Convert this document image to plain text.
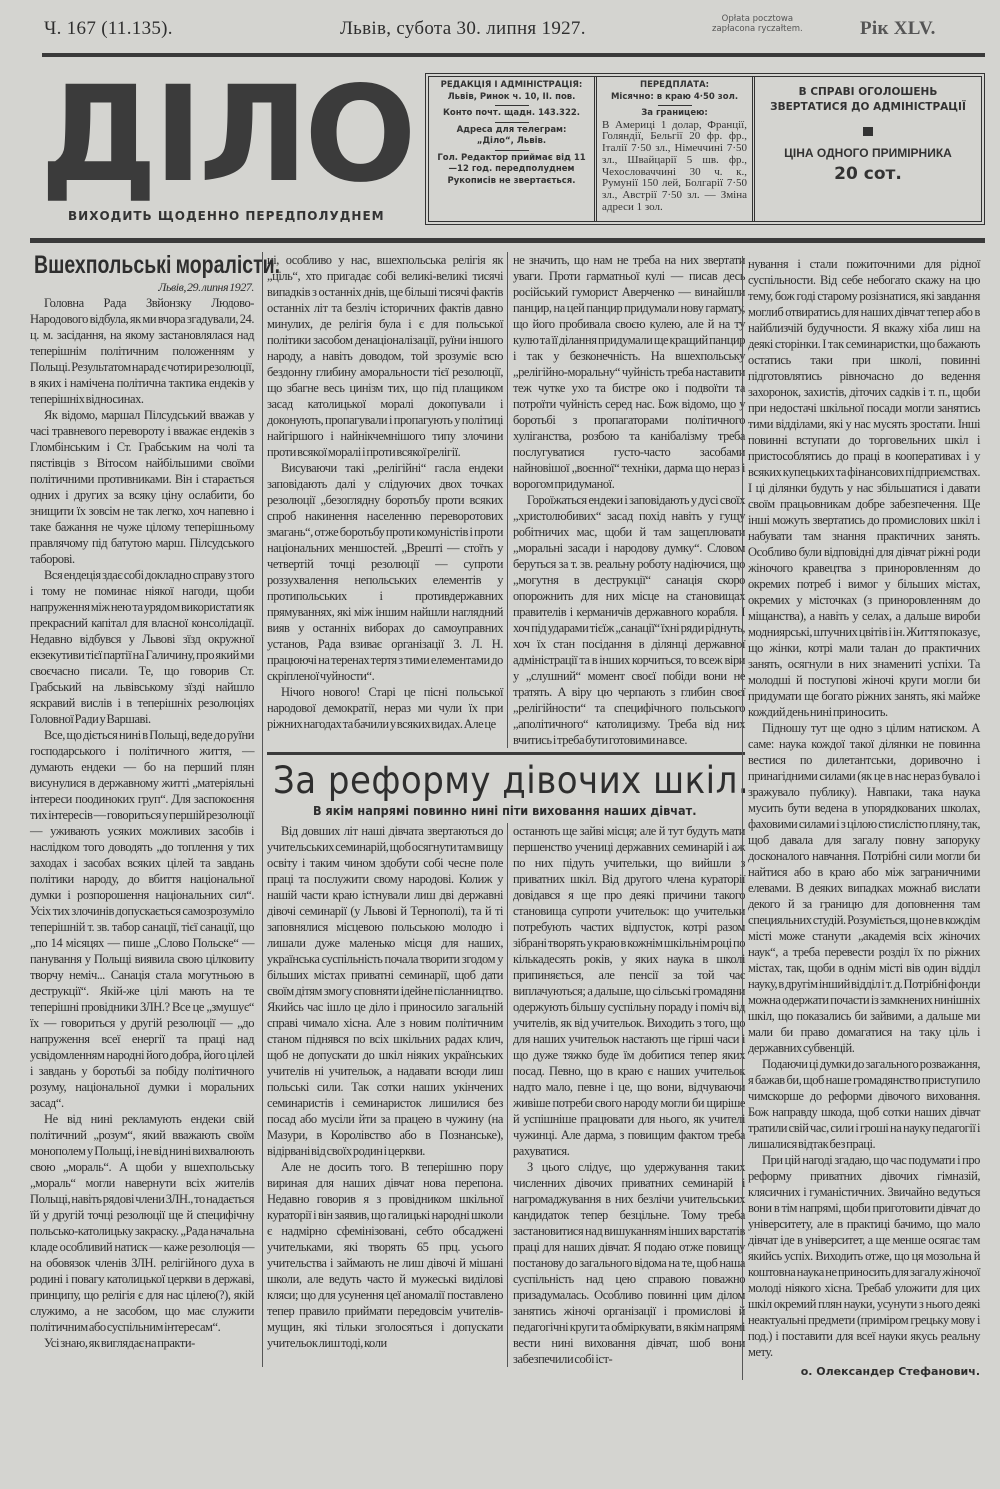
Ч. 167 (11.135).	Львів, субота 30. липня 1927.	Opłata pocztowa
zapłacona ryczałtem.	Рік XLV.
ДІЛО
ВИХОДИТЬ ЩОДЕННО ПЕРЕДПОЛУДНЕМ
РЕДАКЦІЯ І АДМІНІСТРАЦІЯ:
Львів, Ринок ч. 10, II. пов.
Конто почт. щадн. 143.322.
Адреса для телеграм:
„Діло“, Львів.
Гол. Редактор приймає від 11—12 год. передполуднем
Рукописів не звертається.
ПЕРЕДПЛАТА:
Місячно: в краю 4·50 зол.
За границею:
В Америці 1 долар, Франції, Голяндії, Бельгії 20 фр. фр., Італії 7·50 зл., Німеччині 7·50 зл., Швайцарії 5 шв. фр., Чехословаччині 30 ч. к., Румунії 150 лей, Болгарії 7·50 зл., Австрії 7·50 зл. — Зміна адреси 1 зол.
В СПРАВІ ОГОЛОШЕНЬ ЗВЕРТАТИСЯ ДО АДМІНІСТРАЦІЇ
ЦІНА ОДНОГО ПРИМІРНИКА
20 сот.
Вшехпольські моралісти.
Львів, 29. липня 1927.

Головна Рада Звйонзку Людово-Народового відбула, як ми вчора згадували, 24. ц. м. засідання, на якому застановлялася над теперішнім політичним положенням у Польщі. Результатом нарад є чотири резолюції, в яких і намічена політична тактика ендеків у теперішніх відносинах.

Як відомо, маршал Пілсудський вважав у часі травневого перевороту і вважає ендеків з Гломбінським і Ст. Грабським на чолі та пястівців з Вітосом найбільшими своїми політичними противниками. Він і старається одних і других за всяку ціну ослабити, бо знищити їх зовсім не так легко, хоч напевно і таке бажання не чуже цілому теперішньому правлячому під батутою марш. Пілсудського таборові.

Вся ендеція здає собі докладно справу з того і тому не поминає ніякої нагоди, щоби напруження між нею та урядом використати як прекрасний капітал для власної консолідації. Недавно відбувся у Львові зїзд окружної екзекутиви тієї партії на Галичину, про який ми своєчасно писали. Те, що говорив Ст. Грабський на львівському зїзді найшло яскравий вислів і в теперішніх резолюціях Головної Ради у Варшаві.

Все, що діється нині в Польщі, веде до руїни господарського і політичного життя, — думають ендеки — бо на перший плян висунулися в державному житті „матеріяльні інтереси поодиноких груп“. Для заспокоєння тих інтересів — говориться у першій резолюції — уживають усяких можливих засобів і наслідком того доводять „до топлення у тих заходах і засобах всяких цілей та завдань політики народу, до вбиття національної думки і розпорошення національних сил“. Усіх тих злочинів допускається самозрозуміло теперішній т. зв. табор санації, тієї санації, що „по 14 місяцях — пише „Слово Польске“ — панування у Польщі виявила свою цілковиту творчу неміч... Санація стала могутньою в деструкції“. Якій-же цілі мають на те теперішні провідники ЗЛН.? Все це „змушує“ їх — говориться у другій резолюції — „до напруження всеї енергії та праці над усвідомленням народні його добра, його цілей і завдань у боротьбі за побіду політичного розуму, національної думки і моральних засад“.

Не від нині рекламують ендеки свій політичний „розум“, який вважають своїм монополем у Польщі, і не від нині вихвалюють свою „мораль“. А щоби у вшехпольську „мораль“ могли навернути всіх жителів Польщі, навіть рядові члени ЗЛН., то надається їй у другій точці резолюції ще й специфічну польсько-католицьку закраску. „Рада начальна кладе особливий натиск — каже резолюція — на обовязок членів ЗЛН. релігійного духа в родині і повагу католицької церкви в державі, принципу, що релігія є для нас цілею(?), якій служимо, а не засобом, що має служити політичним або суспільним інтересам“.

Усі знаю, як виглядає на практи-

ці, особливо у нас, вшехпольська релігія як „ціль“, хто пригадає собі великі-великі тисячі випадків з останніх днів, ще більші тисячі фактів останніх літ та безліч історичних фактів давно минулих, де релігія була і є для польської політики засобом денаціоналізації, руїни іншого народу, а навіть доводом, той зрозуміє всю бездонну глибину аморальности тієї резолюції, що збагне весь цинізм тих, що під плащиком засад католицької моралі докопували і доконують, пропагували і пропагують у політиці найгіршого і найнікчемнішого типу злочини проти всякої моралі і проти всякої релігії.

Висуваючи такі „релігійні“ гасла ендеки заповідають далі у слідуючих двох точках резолюції „безоглядну боротьбу проти всяких спроб накинення населенню переворотових змагань“, отже боротьбу проти комуністів і проти національних меншостей. „Врешті — стоїть у четвертій точці резолюції — супроти роззухвалення непольських елементів у протипольських і противдержавних прямуваннях, які між іншим найшли наглядний вияв у останніх виборах до самоуправних установ, Рада взиває організації З. Л. Н. працюючі на теренах тертя з тими елементами до скріпленої чуйности“.

Нічого нового! Старі це пісні польської народової демократії, нераз ми чули їх при ріжних нагодах та бачили у всяких видах. Але це

не значить, що нам не треба на них звертати уваги. Проти гарматньої кулі — писав десь російський гуморист Аверченко — винайшли панцир, на цей панцир придумали нову гармату, що його пробивала своєю кулею, але й на ту кулю та її ділання придумали ще кращий панцир і так у безконечність. На вшехпольську „релігійно-моральну“ чуйність треба наставити теж чутке ухо та бистре око і подвоїти та потроїти чуйність серед нас. Бож відомо, що у боротьбі з пропагаторами політичного хуліганства, розбою та канібалізму треба послугуватися густо-часто засобами найновішої „воєнної“ техніки, дарма що нераз і ворогом придуманої.

Гороїжаться ендеки і заповідають у дусі своїх „христолюбивих“ засад похід навіть у гущу робітничих мас, щоби й там защеплювати „моральні засади і народову думку“. Словом беруться за т. зв. реальну роботу надіючися, що „могутня в деструкції“ санація скоро опорожнить для них місце на становищах правителів і керманичів державного корабля. І хоч під ударами тієїж „санації“ їхні ряди ріднуть, хоч їх стан посідання в ділянці державної адміністрації та в інших корчиться, то всеж віри у „слушний“ момент своєї побіди вони не тратять. А віру цю черпають з глибин своєї „релігійности“ та специфічного польського „аполітичного“ католицизму. Треба від них вчитись і треба бути готовими на все.

За реформу дівочих шкіл.
В якім напрямі повинно нині піти виховання наших дівчат.

Від довших літ наші дівчата звертаються до учительських семинарій, щоб осягнути там вищу освіту і таким чином здобути собі чесне поле праці та послужити свому народові. Колиж у нашій части краю істнували лиш дві державні дівочі семинарії (у Львові й Тернополі), та й ті заповнялися місцевою польською молодю і лишали дуже маленько місця для наших, українська суспільність почала творити згодом у більших містах приватні семинарії, щоб дати своїм дітям змогу сповняти ідейне післанництво. Якийсь час ішло це діло і приносило загальній справі чимало хісна. Але з новим політичним станом піднявся по всіх шкільних радах клич, щоб не допускати до шкіл ніяких українських учителів ні учительок, а надавати всюди лиш польські сили. Так сотки наших укінчених семинаристів і семинаристок лишилися без посад або мусіли йти за працею в чужину (на Мазури, в Королівство або в Познанське), відірвані від своїх родин і церкви.

Але не досить того. В теперішню пору вириная для наших дівчат нова перепона. Недавно говорив я з провідником шкільної кураторії і він заявив, що галицькі народні школи є надмірно сфемінізовані, себто обсаджені учительками, які творять 65 прц. усього учительства і займають не лиш дівочі й мішані школи, але ведуть часто й мужеські виділові кляси; що для усунення цеї аномалії поставлено тепер правило приймати передовсім учителів-мущин, які тільки зголосяться і допускати учительок лиш тоді, коли

останють ще зайві місця; але й тут будуть мати першенство учениці державних семинарій і аж по них підуть учительки, що вийшли з приватних шкіл. Від другого члена кураторії довідався я ще про деякі причини такого становища супроти учительок: що учительки потребують частих відпусток, котрі разом зібрані творять у краю в кожнім шкільнім році по кількадесять років, у яких наука в школі припиняється, але пенсії за той час виплачуються; а дальше, що сільські громадяни одержують більшу суспільну пораду і поміч від учителів, як від учительок. Виходить з того, що для наших учительок настають ще гірші часи і що дуже тяжко буде їм добитися тепер яких посад. Певно, що в краю є наших учительок надто мало, певне і це, що вони, відчуваючи живіше потреби свого народу могли би щиріше й успішніше працювати для нього, як учителі чужинці. Але дарма, з повищим фактом треба рахуватися.

З цього слідує, що удержування таких численних дівочих приватних семинарій і нагромаджування в них безлічи учительських кандидаток тепер безцільне. Тому треба застановитися над вишуканням інших варстатів праці для наших дівчат. Я подаю отже повищу постанову до загального відома на те, щоб наша суспільність над цею справою поважно призадумалась. Особливо повинні цим ділом занятись жіночі організації і промислові й педагогічні круги та обміркувати, в якім напрямі вести нині виховання дівчат, шоб вони забезпечили собі іст-

нування і стали пожиточними для рідної суспільности. Від себе небогато скажу на цю тему, бож годі старому розізнатися, які завдання моглиб отвиратись для наших дівчат тепер або в найблизчій будучности. Я вкажу хіба лиш на деякі сторінки. І так семинаристки, що бажають остатись таки при школі, повинні підготовлятись рівночасно до ведення захоронок, захистів, діточих садків і т. п., щоби при недостачі шкільної посади могли занятись тими відділами, які у нас мусять зростати. Інші повинні вступати до торговельних шкіл і пристособлятись до праці в кооперативах і у всяких купецьких та фінансових підприємствах. І ці ділянки будуть у нас збільшатися і давати своїм працьовникам добре забезпечення. Ще інші можуть звертатись до промислових шкіл і набувати там знання практичних занять. Особливо були відповідні для дівчат ріжні роди жіночого кравецтва з приноровленням до окремих потреб і вимог у більших містах, окремих у місточках (з приноровленням до міщанства), а навіть у селах, а дальше вироби модниярські, штучних цвітів і ін. Життя показує, що жінки, котрі мали талан до практичних занять, осягнули в них знамениті успіхи. Та молодші й поступові жіночі круги могли би придумати ще богато ріжних занять, які майже кождий день нині приносить.

Підношу тут ще одно з цілим натиском. А саме: наука кождої такої ділянки не повинна вестися по дилетантськи, доривочно і принагідними силами (як це в нас нераз бувало і зражувало публику). Навпаки, така наука мусить бути ведена в упорядкованих школах, фаховими силами і з цілою стислістю пляну, так, щоб давала для загалу повну запоруку досконалого навчання. Потрібні сили могли би найтися або в краю або між заграничними елевами. В деяких випадках можнаб вислати декого й за границю для доповнення там специяльних студій. Розуміється, що не в кождім місті може станути „академія всіх жіночих наук“, а треба перевести розділ їх по ріжних містах, так, щоби в однім місті вів один відділ науку, в другім інший відділ і т. д. Потрібні фонди можна одержати почасти із замкнених нинішніх шкіл, що показались би зайвими, а дальше ми мали би право домагатися на таку ціль і державних субвенцій.

Подаючи ці думки до загального розважання, я бажав би, щоб наше громадянство приступило чимскорше до реформи дівочого виховання. Бож направду шкода, щоб сотки наших дівчат тратили свій час, сили і гроші на науку педагогії і лишалися відтак без праці.

При цій нагоді згадаю, що час подумати і про реформу приватних дівочих гімназій, клясичних і гуманістичних. Звичайно ведуться вони в тім напрямі, щоби приготовити дівчат до університету, але в практиці бачимо, що мало дівчат іде в університет, а ще менше осягає там якийсь успіх. Виходить отже, що ця мозольна й коштовна наука не приносить для загалу жіночої молоді ніякого хісна. Требаб уложити для цих шкіл окремий плян науки, усунути з нього деякі неактуальні предмети (приміром грецьку мову і под.) і поставити для всеї науки якусь реальну мету.

о. Олександер Стефанович.
